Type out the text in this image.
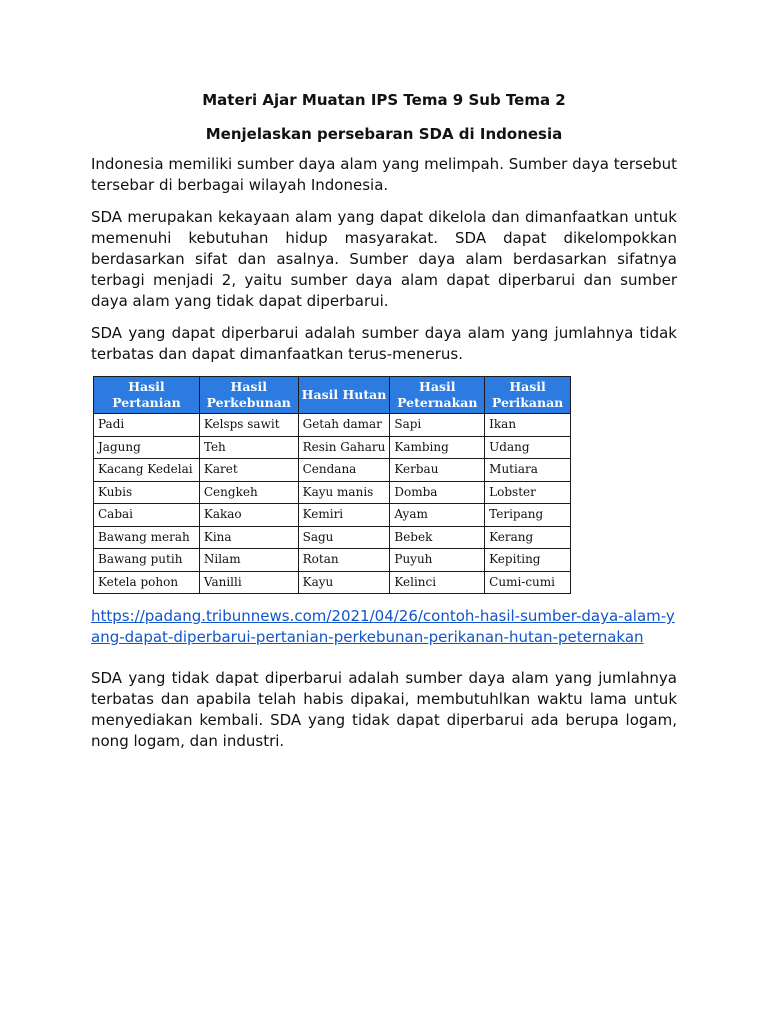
Materi Ajar Muatan IPS Tema 9 Sub Tema 2
Menjelaskan persebaran SDA di Indonesia

Indonesia memiliki sumber daya alam yang melimpah. Sumber daya tersebut tersebar di berbagai wilayah Indonesia.

SDA merupakan kekayaan alam yang dapat dikelola dan dimanfaatkan untuk memenuhi kebutuhan hidup masyarakat. SDA dapat dikelompokkan berdasarkan sifat dan asalnya. Sumber daya alam berdasarkan sifatnya terbagi menjadi 2, yaitu sumber daya alam dapat diperbarui dan sumber daya alam yang tidak dapat diperbarui.

SDA yang dapat diperbarui adalah sumber daya alam yang jumlahnya tidak terbatas dan dapat dimanfaatkan terus-menerus.

Hasil Pertanian	Hasil Perkebunan	Hasil Hutan	Hasil Peternakan	Hasil Perikanan
Padi	Kelsps sawit	Getah damar	Sapi	Ikan
Jagung	Teh	Resin Gaharu	Kambing	Udang
Kacang Kedelai	Karet	Cendana	Kerbau	Mutiara
Kubis	Cengkeh	Kayu manis	Domba	Lobster
Cabai	Kakao	Kemiri	Ayam	Teripang
Bawang merah	Kina	Sagu	Bebek	Kerang
Bawang putih	Nilam	Rotan	Puyuh	Kepiting
Ketela pohon	Vanilli	Kayu	Kelinci	Cumi-cumi
https://padang.tribunnews.com/2021/04/26/contoh-hasil-sumber-daya-alam-yang-dapat-diperbarui-pertanian-perkebunan-perikanan-hutan-peternakan

SDA yang tidak dapat diperbarui adalah sumber daya alam yang jumlahnya terbatas dan apabila telah habis dipakai, membutuhlkan waktu lama untuk menyediakan kembali. SDA yang tidak dapat diperbarui ada berupa logam, nong logam, dan industri.
